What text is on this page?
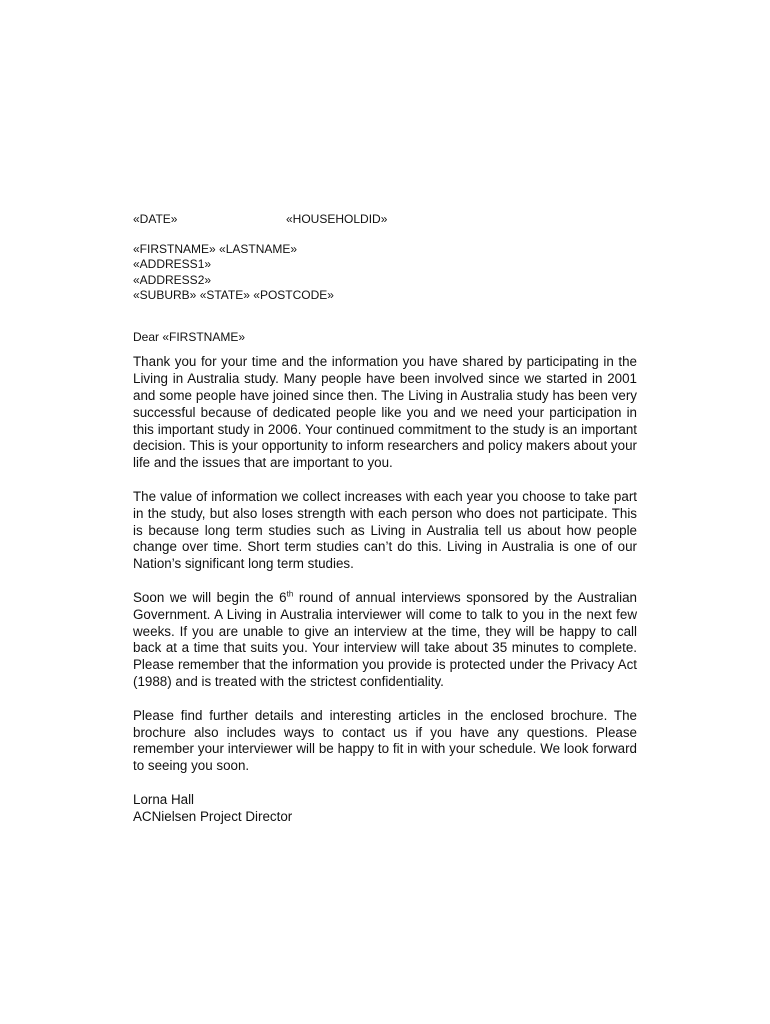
«DATE»	«HOUSEHOLDID»
«FIRSTNAME» «LASTNAME»
«ADDRESS1»
«ADDRESS2»
«SUBURB» «STATE» «POSTCODE»
Dear «FIRSTNAME»

Thank you for your time and the information you have shared by participating in the Living in Australia study. Many people have been involved since we started in 2001 and some people have joined since then. The Living in Australia study has been very successful because of dedicated people like you and we need your participation in this important study in 2006. Your continued commitment to the study is an important decision. This is your opportunity to inform researchers and policy makers about your life and the issues that are important to you.

The value of information we collect increases with each year you choose to take part in the study, but also loses strength with each person who does not participate. This is because long term studies such as Living in Australia tell us about how people change over time. Short term studies can’t do this. Living in Australia is one of our Nation’s significant long term studies.

Soon we will begin the 6th round of annual interviews sponsored by the Australian Government. A Living in Australia interviewer will come to talk to you in the next few weeks. If you are unable to give an interview at the time, they will be happy to call back at a time that suits you. Your interview will take about 35 minutes to complete. Please remember that the information you provide is protected under the Privacy Act (1988) and is treated with the strictest confidentiality.

Please find further details and interesting articles in the enclosed brochure. The brochure also includes ways to contact us if you have any questions. Please remember your interviewer will be happy to fit in with your schedule. We look forward to seeing you soon.

Lorna Hall
ACNielsen Project Director
